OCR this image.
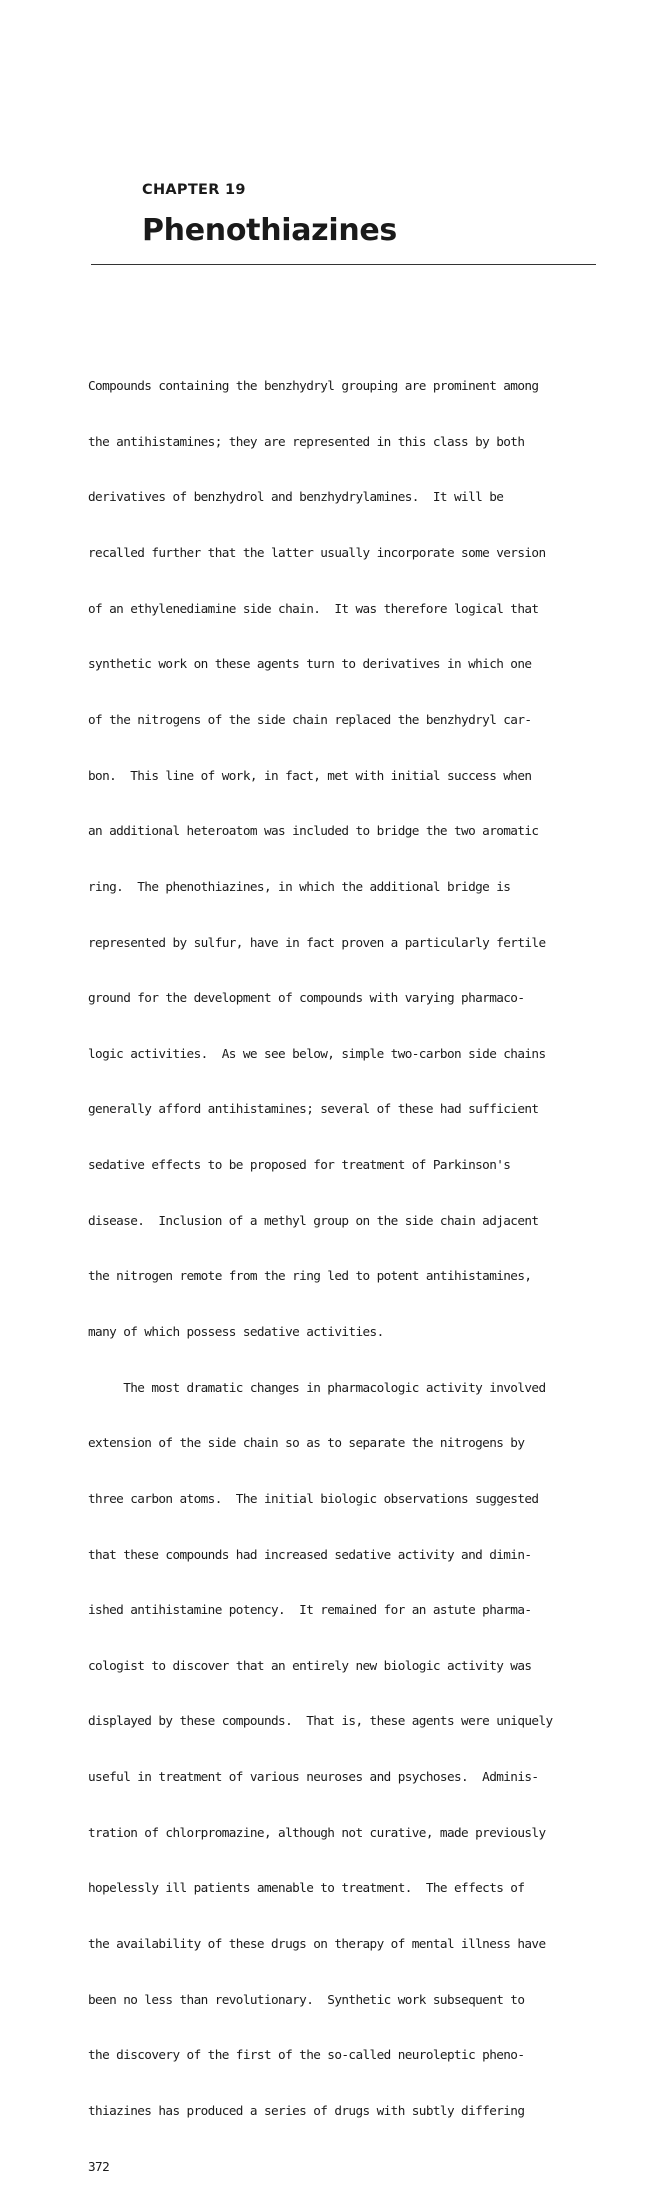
CHAPTER 19
Phenothiazines

Compounds containing the benzhydryl grouping are prominent among

the antihistamines; they are represented in this class by both

derivatives of benzhydrol and benzhydrylamines.  It will be

recalled further that the latter usually incorporate some version

of an ethylenediamine side chain.  It was therefore logical that

synthetic work on these agents turn to derivatives in which one

of the nitrogens of the side chain replaced the benzhydryl car-

bon.  This line of work, in fact, met with initial success when

an additional heteroatom was included to bridge the two aromatic

ring.  The phenothiazines, in which the additional bridge is

represented by sulfur, have in fact proven a particularly fertile

ground for the development of compounds with varying pharmaco-

logic activities.  As we see below, simple two-carbon side chains

generally afford antihistamines; several of these had sufficient

sedative effects to be proposed for treatment of Parkinson's

disease.  Inclusion of a methyl group on the side chain adjacent

the nitrogen remote from the ring led to potent antihistamines,

many of which possess sedative activities.

The most dramatic changes in pharmacologic activity involved

extension of the side chain so as to separate the nitrogens by

three carbon atoms.  The initial biologic observations suggested

that these compounds had increased sedative activity and dimin-

ished antihistamine potency.  It remained for an astute pharma-

cologist to discover that an entirely new biologic activity was

displayed by these compounds.  That is, these agents were uniquely

useful in treatment of various neuroses and psychoses.  Adminis-

tration of chlorpromazine, although not curative, made previously

hopelessly ill patients amenable to treatment.  The effects of

the availability of these drugs on therapy of mental illness have

been no less than revolutionary.  Synthetic work subsequent to

the discovery of the first of the so-called neuroleptic pheno-

thiazines has produced a series of drugs with subtly differing

372
